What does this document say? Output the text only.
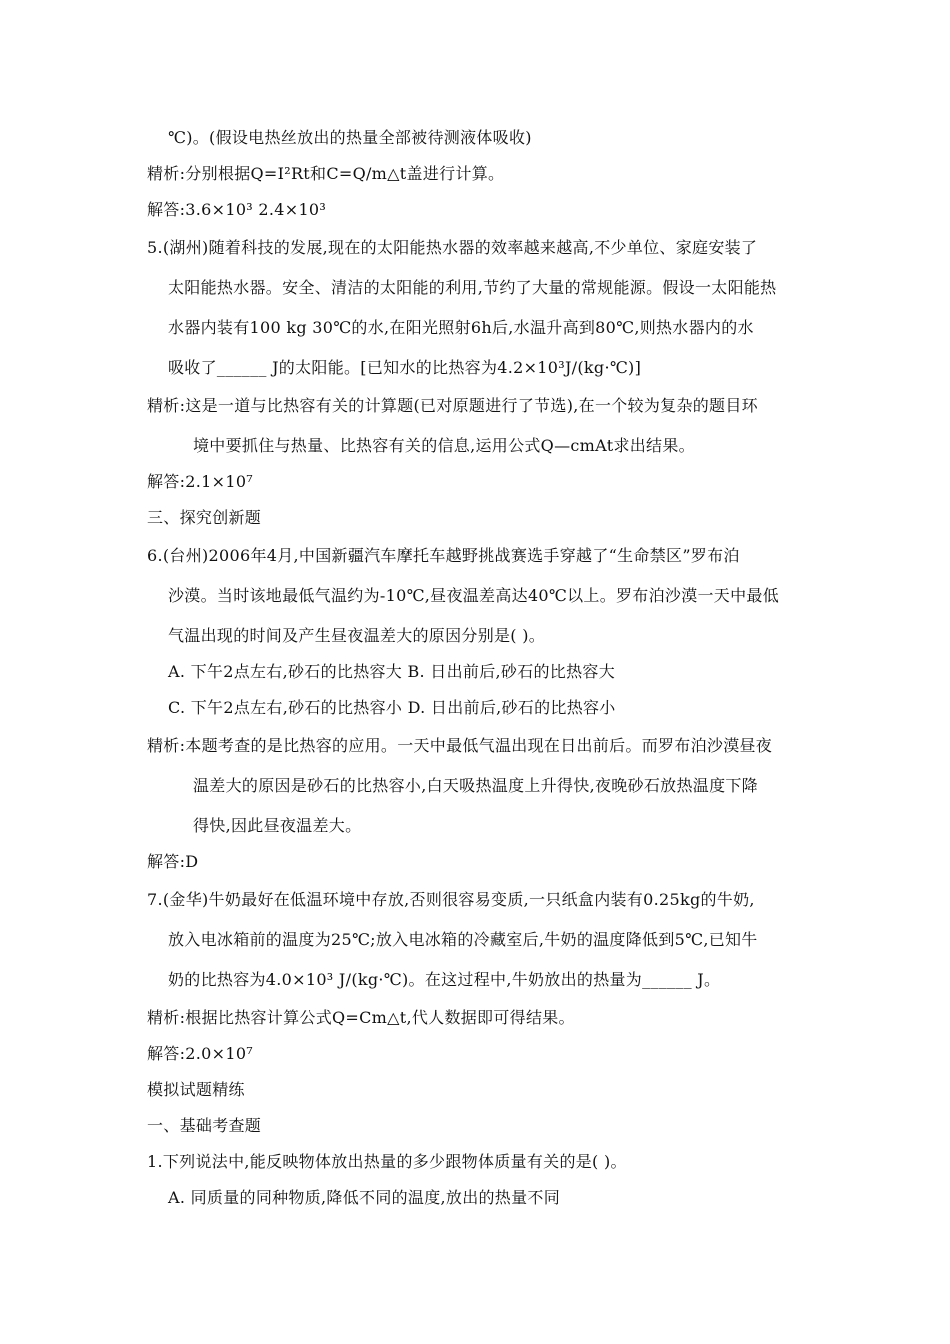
℃)。(假设电热丝放出的热量全部被待测液体吸收)
精析:分别根据Q=I²Rt和C=Q/m△t盖进行计算。
解答:3.6×10³ 2.4×10³
5.(湖州)随着科技的发展,现在的太阳能热水器的效率越来越高,不少单位、家庭安装了
太阳能热水器。安全、清洁的太阳能的利用,节约了大量的常规能源。假设一太阳能热
水器内装有100 kg 30℃的水,在阳光照射6h后,水温升高到80℃,则热水器内的水
吸收了______ J的太阳能。[已知水的比热容为4.2×10³J/(kg·℃)]
精析:这是一道与比热容有关的计算题(已对原题进行了节选),在一个较为复杂的题目环
境中要抓住与热量、比热容有关的信息,运用公式Q—cmAt求出结果。
解答:2.1×10⁷
三、探究创新题
6.(台州)2006年4月,中国新疆汽车摩托车越野挑战赛选手穿越了“生命禁区”罗布泊
沙漠。当时该地最低气温约为-10℃,昼夜温差高达40℃以上。罗布泊沙漠一天中最低
气温出现的时间及产生昼夜温差大的原因分别是( )。
A. 下午2点左右,砂石的比热容大 B. 日出前后,砂石的比热容大
C. 下午2点左右,砂石的比热容小 D. 日出前后,砂石的比热容小
精析:本题考查的是比热容的应用。一天中最低气温出现在日出前后。而罗布泊沙漠昼夜
温差大的原因是砂石的比热容小,白天吸热温度上升得快,夜晚砂石放热温度下降
得快,因此昼夜温差大。
解答:D
7.(金华)牛奶最好在低温环境中存放,否则很容易变质,一只纸盒内装有0.25kg的牛奶,
放入电冰箱前的温度为25℃;放入电冰箱的冷藏室后,牛奶的温度降低到5℃,已知牛
奶的比热容为4.0×10³ J/(kg·℃)。在这过程中,牛奶放出的热量为______ J。
精析:根据比热容计算公式Q=Cm△t,代人数据即可得结果。
解答:2.0×10⁷
模拟试题精练
一、基础考查题
1.下列说法中,能反映物体放出热量的多少跟物体质量有关的是( )。
A. 同质量的同种物质,降低不同的温度,放出的热量不同
